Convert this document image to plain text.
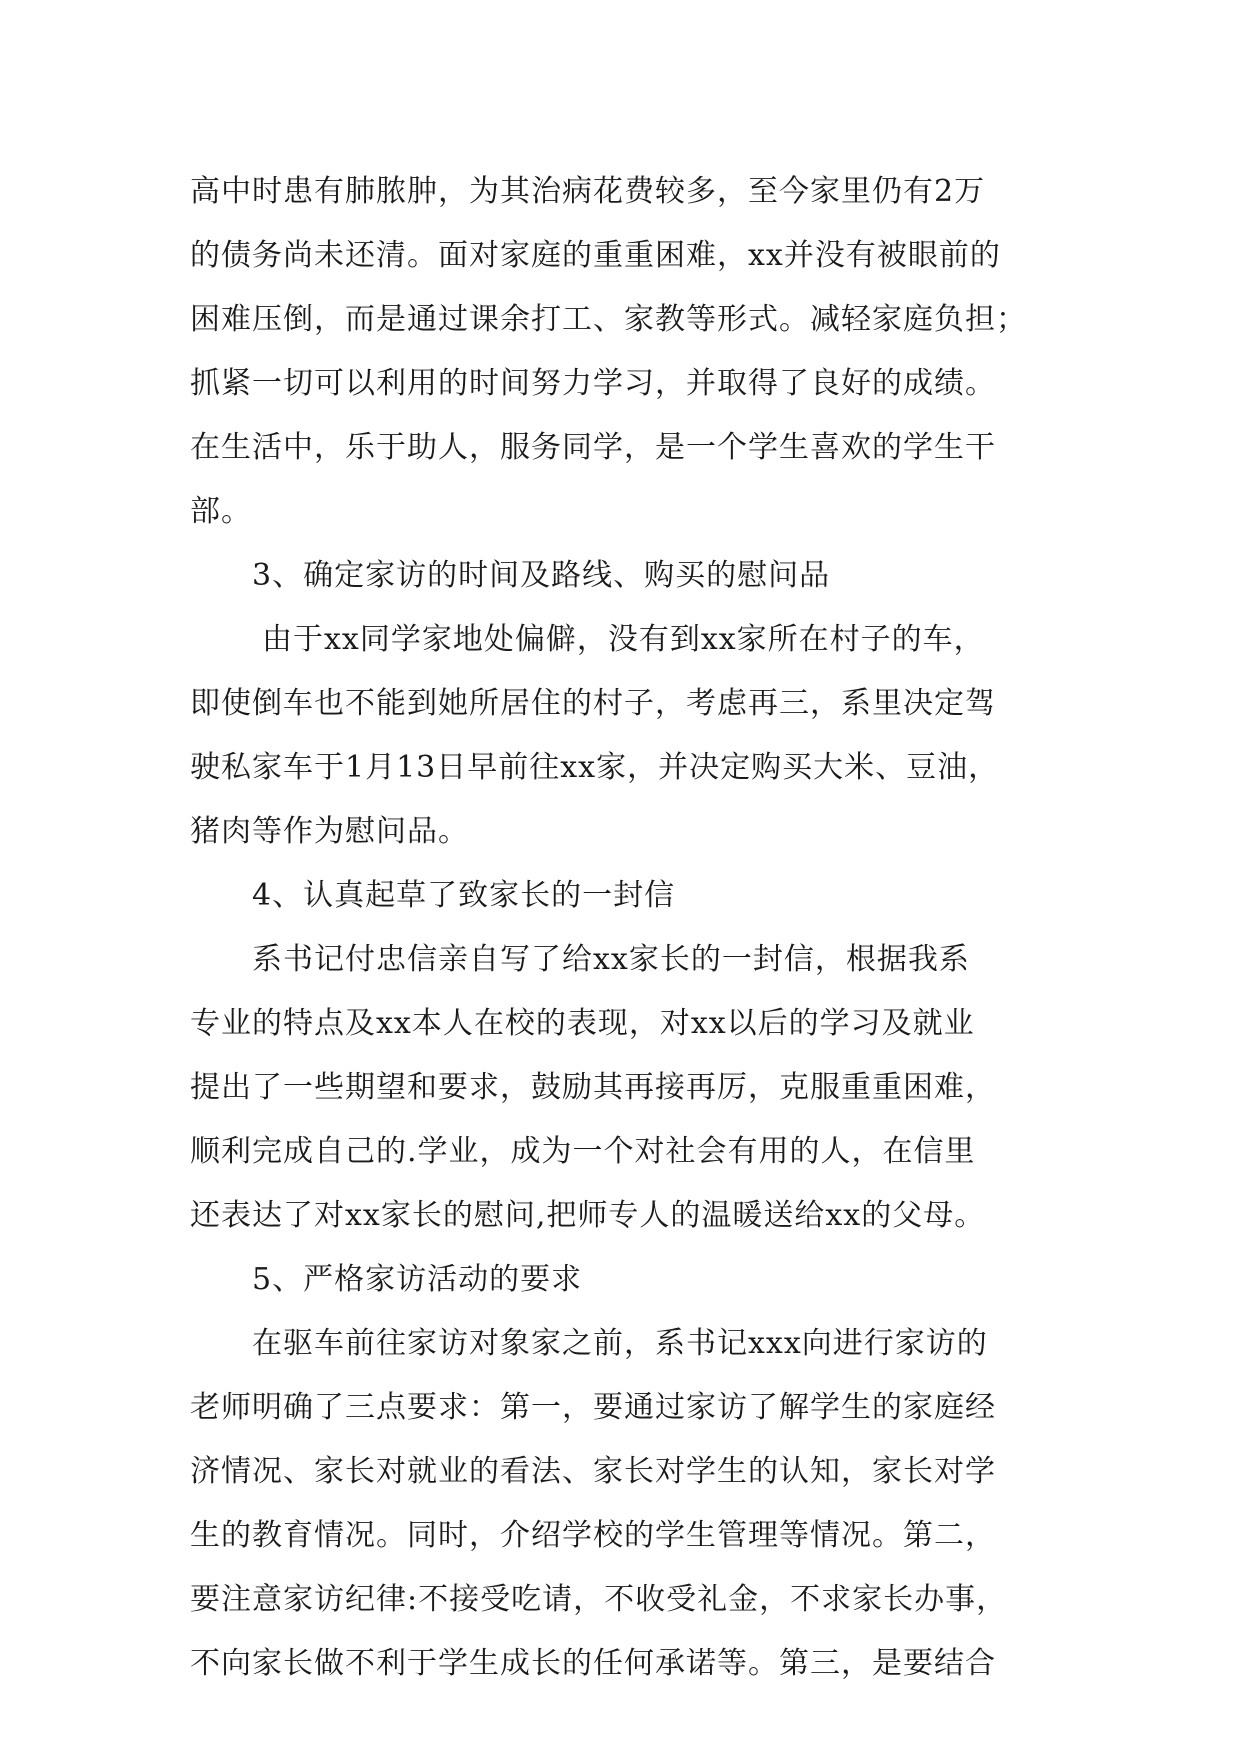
高中时患有肺脓肿，为其治病花费较多，至今家里仍有2万
的债务尚未还清。面对家庭的重重困难，xx并没有被眼前的
困难压倒，而是通过课余打工、家教等形式。减轻家庭负担；
抓紧一切可以利用的时间努力学习，并取得了良好的成绩。
在生活中，乐于助人，服务同学，是一个学生喜欢的学生干
部。
3、确定家访的时间及路线、购买的慰问品
由于xx同学家地处偏僻，没有到xx家所在村子的车，
即使倒车也不能到她所居住的村子，考虑再三，系里决定驾
驶私家车于1月13日早前往xx家，并决定购买大米、豆油，
猪肉等作为慰问品。
4、认真起草了致家长的一封信
系书记付忠信亲自写了给xx家长的一封信，根据我系
专业的特点及xx本人在校的表现，对xx以后的学习及就业
提出了一些期望和要求，鼓励其再接再厉，克服重重困难，
顺利完成自己的.学业，成为一个对社会有用的人，在信里
还表达了对xx家长的慰问,把师专人的温暖送给xx的父母。
5、严格家访活动的要求
在驱车前往家访对象家之前，系书记xxx向进行家访的
老师明确了三点要求：第一，要通过家访了解学生的家庭经
济情况、家长对就业的看法、家长对学生的认知，家长对学
生的教育情况。同时，介绍学校的学生管理等情况。第二，
要注意家访纪律:不接受吃请，不收受礼金，不求家长办事，
不向家长做不利于学生成长的任何承诺等。第三，是要结合
